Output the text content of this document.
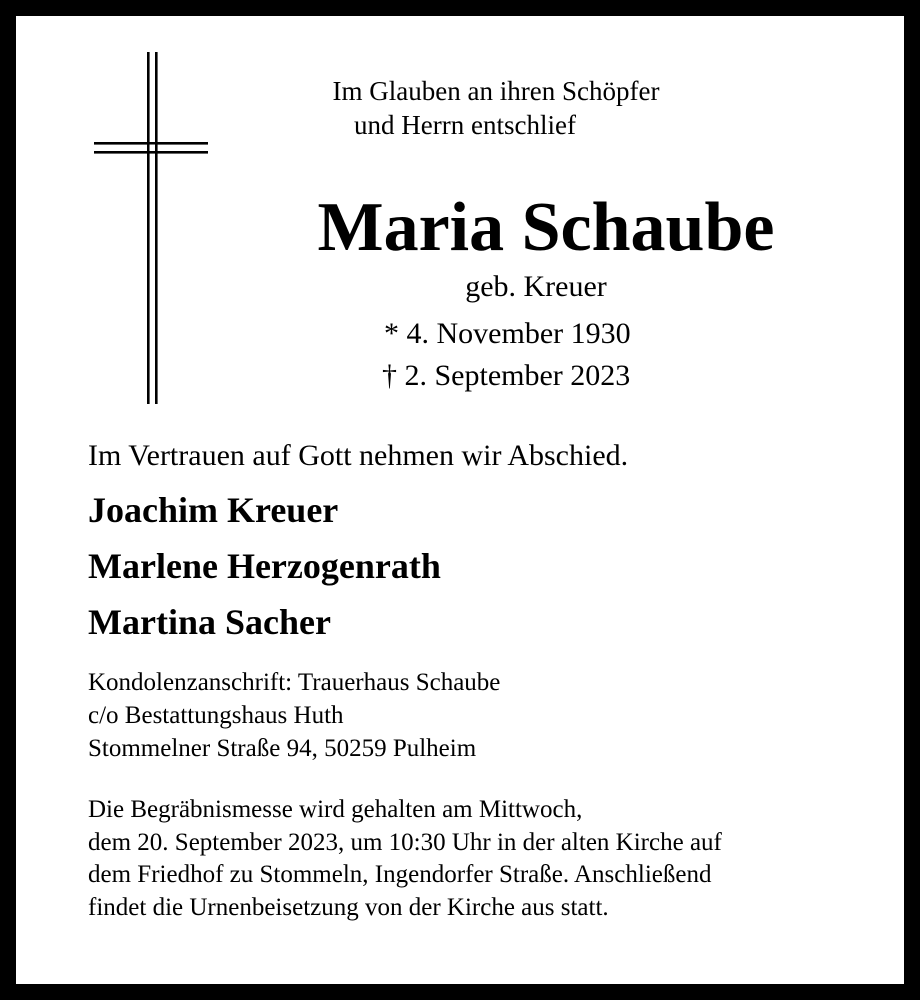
Im Glauben an ihren Schöpfer
und Herrn entschlief
Maria Schaube
geb. Kreuer
* 4. November 1930
† 2. September 2023
Im Vertrauen auf Gott nehmen wir Abschied.
Joachim Kreuer
Marlene Herzogenrath
Martina Sacher
Kondolenzanschrift: Trauerhaus Schaube
c/o Bestattungshaus Huth
Stommelner Straße 94, 50259 Pulheim
Die Begräbnismesse wird gehalten am Mittwoch,
dem 20. September 2023, um 10:30 Uhr in der alten Kirche auf
dem Friedhof zu Stommeln, Ingendorfer Straße. Anschließend
findet die Urnenbeisetzung von der Kirche aus statt.
